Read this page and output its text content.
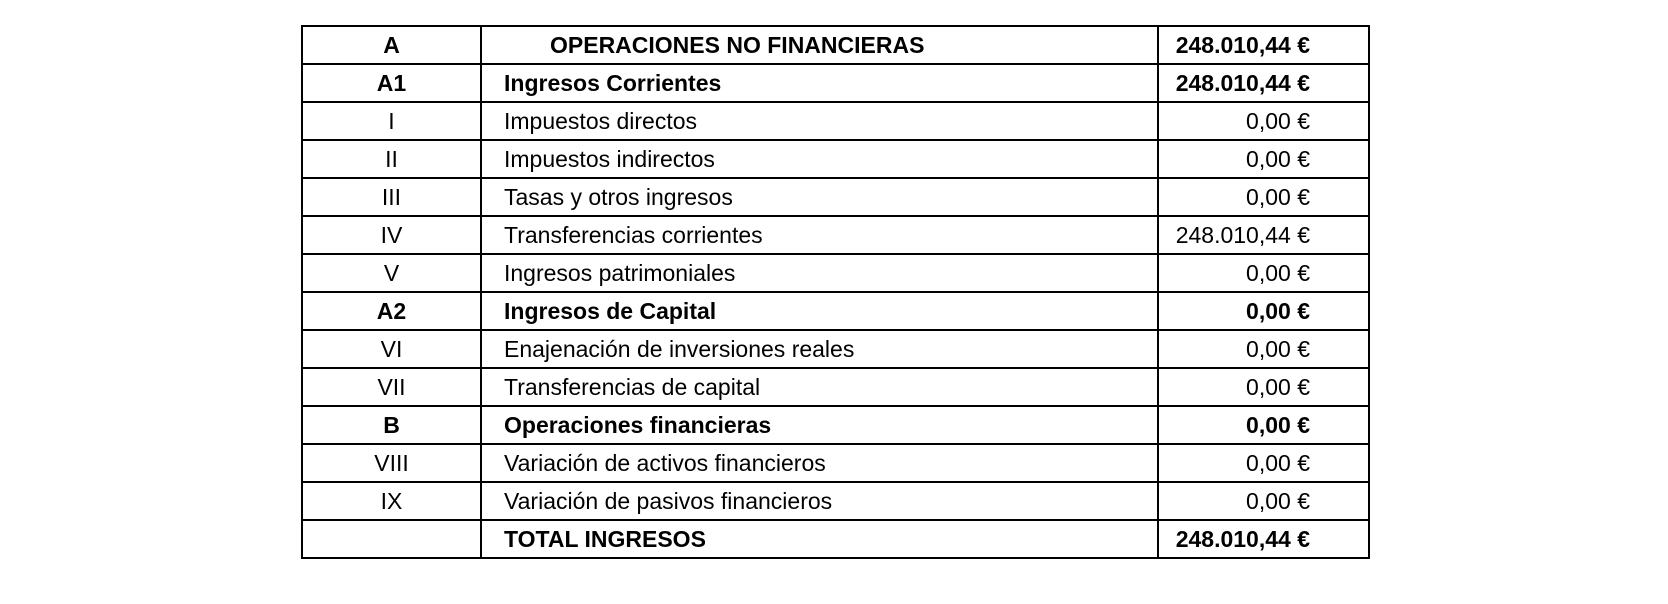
A	OPERACIONES NO FINANCIERAS	248.010,44 €
A1	Ingresos Corrientes	248.010,44 €
I	Impuestos directos	0,00 €
II	Impuestos indirectos	0,00 €
III	Tasas y otros ingresos	0,00 €
IV	Transferencias corrientes	248.010,44 €
V	Ingresos patrimoniales	0,00 €
A2	Ingresos de Capital	0,00 €
VI	Enajenación de inversiones reales	0,00 €
VII	Transferencias de capital	0,00 €
B	Operaciones financieras	0,00 €
VIII	Variación de activos financieros	0,00 €
IX	Variación de pasivos financieros	0,00 €
	TOTAL INGRESOS	248.010,44 €
